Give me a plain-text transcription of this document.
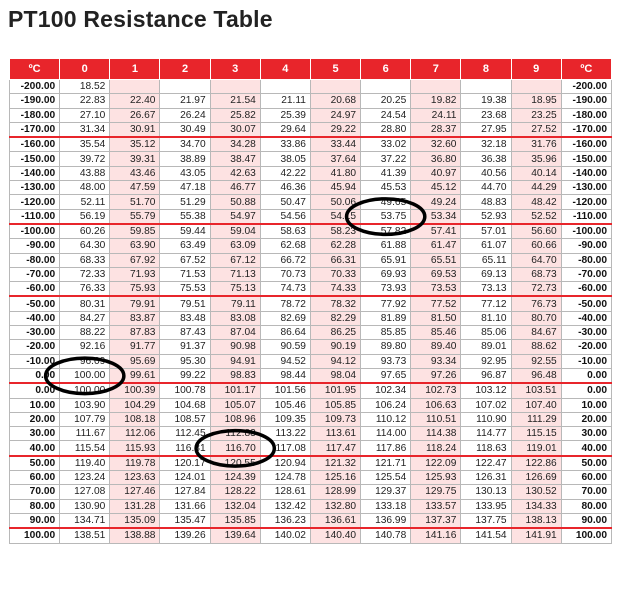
PT100 Resistance Table
ºC	0	1	2	3	4	5	6	7	8	9	ºC
-200.00	18.52										-200.00
-190.00	22.83	22.40	21.97	21.54	21.11	20.68	20.25	19.82	19.38	18.95	-190.00
-180.00	27.10	26.67	26.24	25.82	25.39	24.97	24.54	24.11	23.68	23.25	-180.00
-170.00	31.34	30.91	30.49	30.07	29.64	29.22	28.80	28.37	27.95	27.52	-170.00
-160.00	35.54	35.12	34.70	34.28	33.86	33.44	33.02	32.60	32.18	31.76	-160.00
-150.00	39.72	39.31	38.89	38.47	38.05	37.64	37.22	36.80	36.38	35.96	-150.00
-140.00	43.88	43.46	43.05	42.63	42.22	41.80	41.39	40.97	40.56	40.14	-140.00
-130.00	48.00	47.59	47.18	46.77	46.36	45.94	45.53	45.12	44.70	44.29	-130.00
-120.00	52.11	51.70	51.29	50.88	50.47	50.06	49.65	49.24	48.83	48.42	-120.00
-110.00	56.19	55.79	55.38	54.97	54.56	54.15	53.75	53.34	52.93	52.52	-110.00
-100.00	60.26	59.85	59.44	59.04	58.63	58.23	57.82	57.41	57.01	56.60	-100.00
-90.00	64.30	63.90	63.49	63.09	62.68	62.28	61.88	61.47	61.07	60.66	-90.00
-80.00	68.33	67.92	67.52	67.12	66.72	66.31	65.91	65.51	65.11	64.70	-80.00
-70.00	72.33	71.93	71.53	71.13	70.73	70.33	69.93	69.53	69.13	68.73	-70.00
-60.00	76.33	75.93	75.53	75.13	74.73	74.33	73.93	73.53	73.13	72.73	-60.00
-50.00	80.31	79.91	79.51	79.11	78.72	78.32	77.92	77.52	77.12	76.73	-50.00
-40.00	84.27	83.87	83.48	83.08	82.69	82.29	81.89	81.50	81.10	80.70	-40.00
-30.00	88.22	87.83	87.43	87.04	86.64	86.25	85.85	85.46	85.06	84.67	-30.00
-20.00	92.16	91.77	91.37	90.98	90.59	90.19	89.80	89.40	89.01	88.62	-20.00
-10.00	96.09	95.69	95.30	94.91	94.52	94.12	93.73	93.34	92.95	92.55	-10.00
0.00	100.00	99.61	99.22	98.83	98.44	98.04	97.65	97.26	96.87	96.48	0.00
0.00	100.00	100.39	100.78	101.17	101.56	101.95	102.34	102.73	103.12	103.51	0.00
10.00	103.90	104.29	104.68	105.07	105.46	105.85	106.24	106.63	107.02	107.40	10.00
20.00	107.79	108.18	108.57	108.96	109.35	109.73	110.12	110.51	110.90	111.29	20.00
30.00	111.67	112.06	112.45	112.83	113.22	113.61	114.00	114.38	114.77	115.15	30.00
40.00	115.54	115.93	116.31	116.70	117.08	117.47	117.86	118.24	118.63	119.01	40.00
50.00	119.40	119.78	120.17	120.55	120.94	121.32	121.71	122.09	122.47	122.86	50.00
60.00	123.24	123.63	124.01	124.39	124.78	125.16	125.54	125.93	126.31	126.69	60.00
70.00	127.08	127.46	127.84	128.22	128.61	128.99	129.37	129.75	130.13	130.52	70.00
80.00	130.90	131.28	131.66	132.04	132.42	132.80	133.18	133.57	133.95	134.33	80.00
90.00	134.71	135.09	135.47	135.85	136.23	136.61	136.99	137.37	137.75	138.13	90.00
100.00	138.51	138.88	139.26	139.64	140.02	140.40	140.78	141.16	141.54	141.91	100.00
